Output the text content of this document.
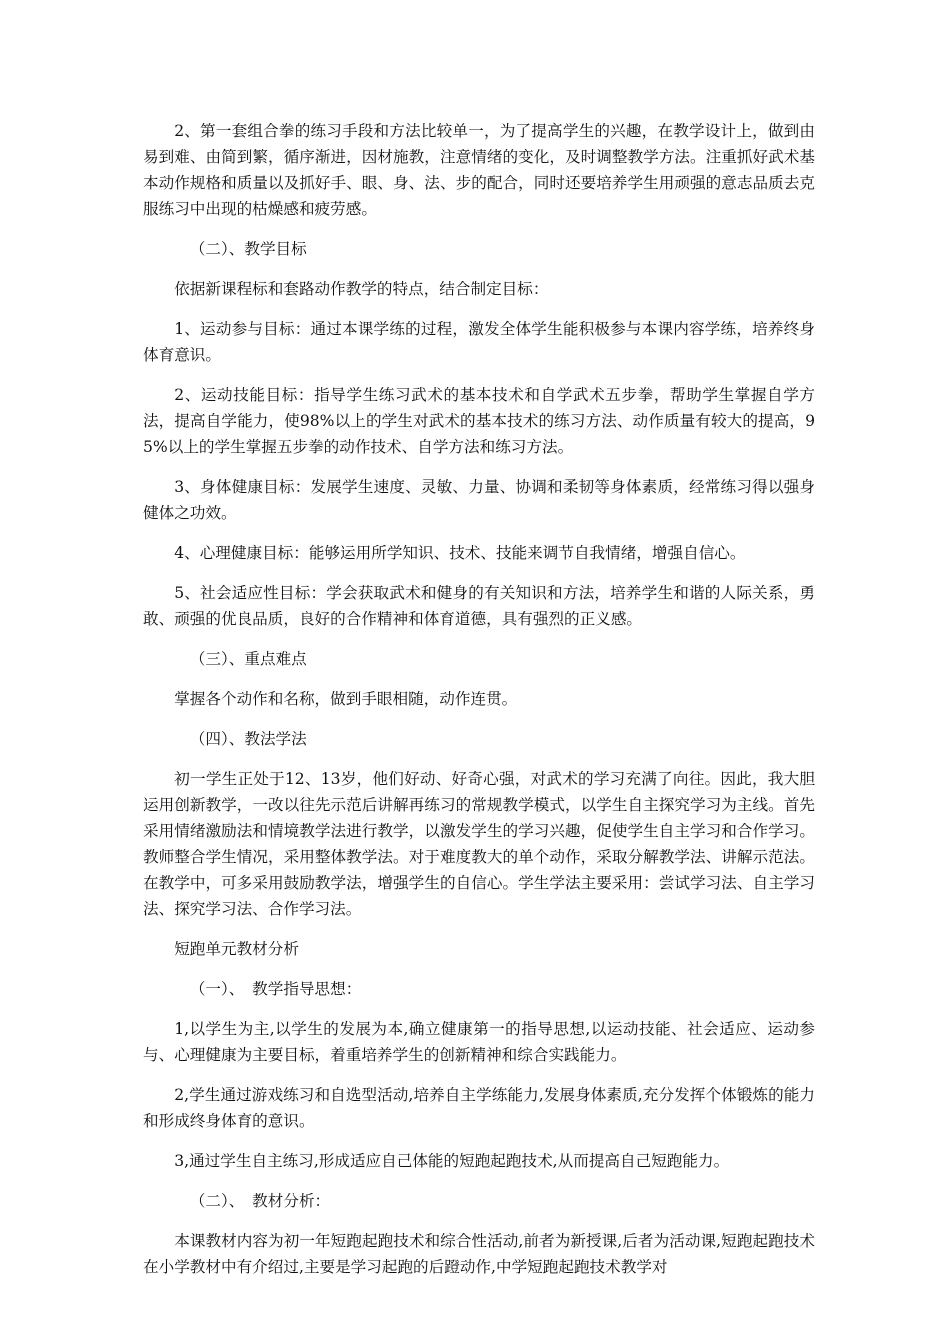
2、第一套组合拳的练习手段和方法比较单一，为了提高学生的兴趣，在教学设计上，做到由易到难、由简到繁，循序渐进，因材施教，注意情绪的变化，及时调整教学方法。注重抓好武术基本动作规格和质量以及抓好手、眼、身、法、步的配合，同时还要培养学生用顽强的意志品质去克服练习中出现的枯燥感和疲劳感。

（二）、教学目标

依据新课程标和套路动作教学的特点，结合制定目标：

1、运动参与目标：通过本课学练的过程，激发全体学生能积极参与本课内容学练，培养终身体育意识。

2、运动技能目标：指导学生练习武术的基本技术和自学武术五步拳，帮助学生掌握自学方法，提高自学能力，使98%以上的学生对武术的基本技术的练习方法、动作质量有较大的提高，95%以上的学生掌握五步拳的动作技术、自学方法和练习方法。

3、身体健康目标：发展学生速度、灵敏、力量、协调和柔韧等身体素质，经常练习得以强身健体之功效。

4、心理健康目标：能够运用所学知识、技术、技能来调节自我情绪，增强自信心。

5、社会适应性目标：学会获取武术和健身的有关知识和方法，培养学生和谐的人际关系，勇敢、顽强的优良品质，良好的合作精神和体育道德，具有强烈的正义感。

（三）、重点难点

掌握各个动作和名称，做到手眼相随，动作连贯。

（四）、教法学法

初一学生正处于12、13岁，他们好动、好奇心强，对武术的学习充满了向往。因此，我大胆运用创新教学，一改以往先示范后讲解再练习的常规教学模式，以学生自主探究学习为主线。首先采用情绪激励法和情境教学法进行教学，以激发学生的学习兴趣，促使学生自主学习和合作学习。教师整合学生情况，采用整体教学法。对于难度教大的单个动作，采取分解教学法、讲解示范法。在教学中，可多采用鼓励教学法，增强学生的自信心。学生学法主要采用：尝试学习法、自主学习法、探究学习法、合作学习法。

短跑单元教材分析

（一）、　教学指导思想：

1,以学生为主,以学生的发展为本,确立健康第一的指导思想,以运动技能、社会适应、运动参与、心理健康为主要目标，着重培养学生的创新精神和综合实践能力。

2,学生通过游戏练习和自选型活动,培养自主学练能力,发展身体素质,充分发挥个体锻炼的能力和形成终身体育的意识。

3,通过学生自主练习,形成适应自己体能的短跑起跑技术,从而提高自己短跑能力。

（二）、　教材分析：

本课教材内容为初一年短跑起跑技术和综合性活动,前者为新授课,后者为活动课,短跑起跑技术在小学教材中有介绍过,主要是学习起跑的后蹬动作,中学短跑起跑技术教学对
